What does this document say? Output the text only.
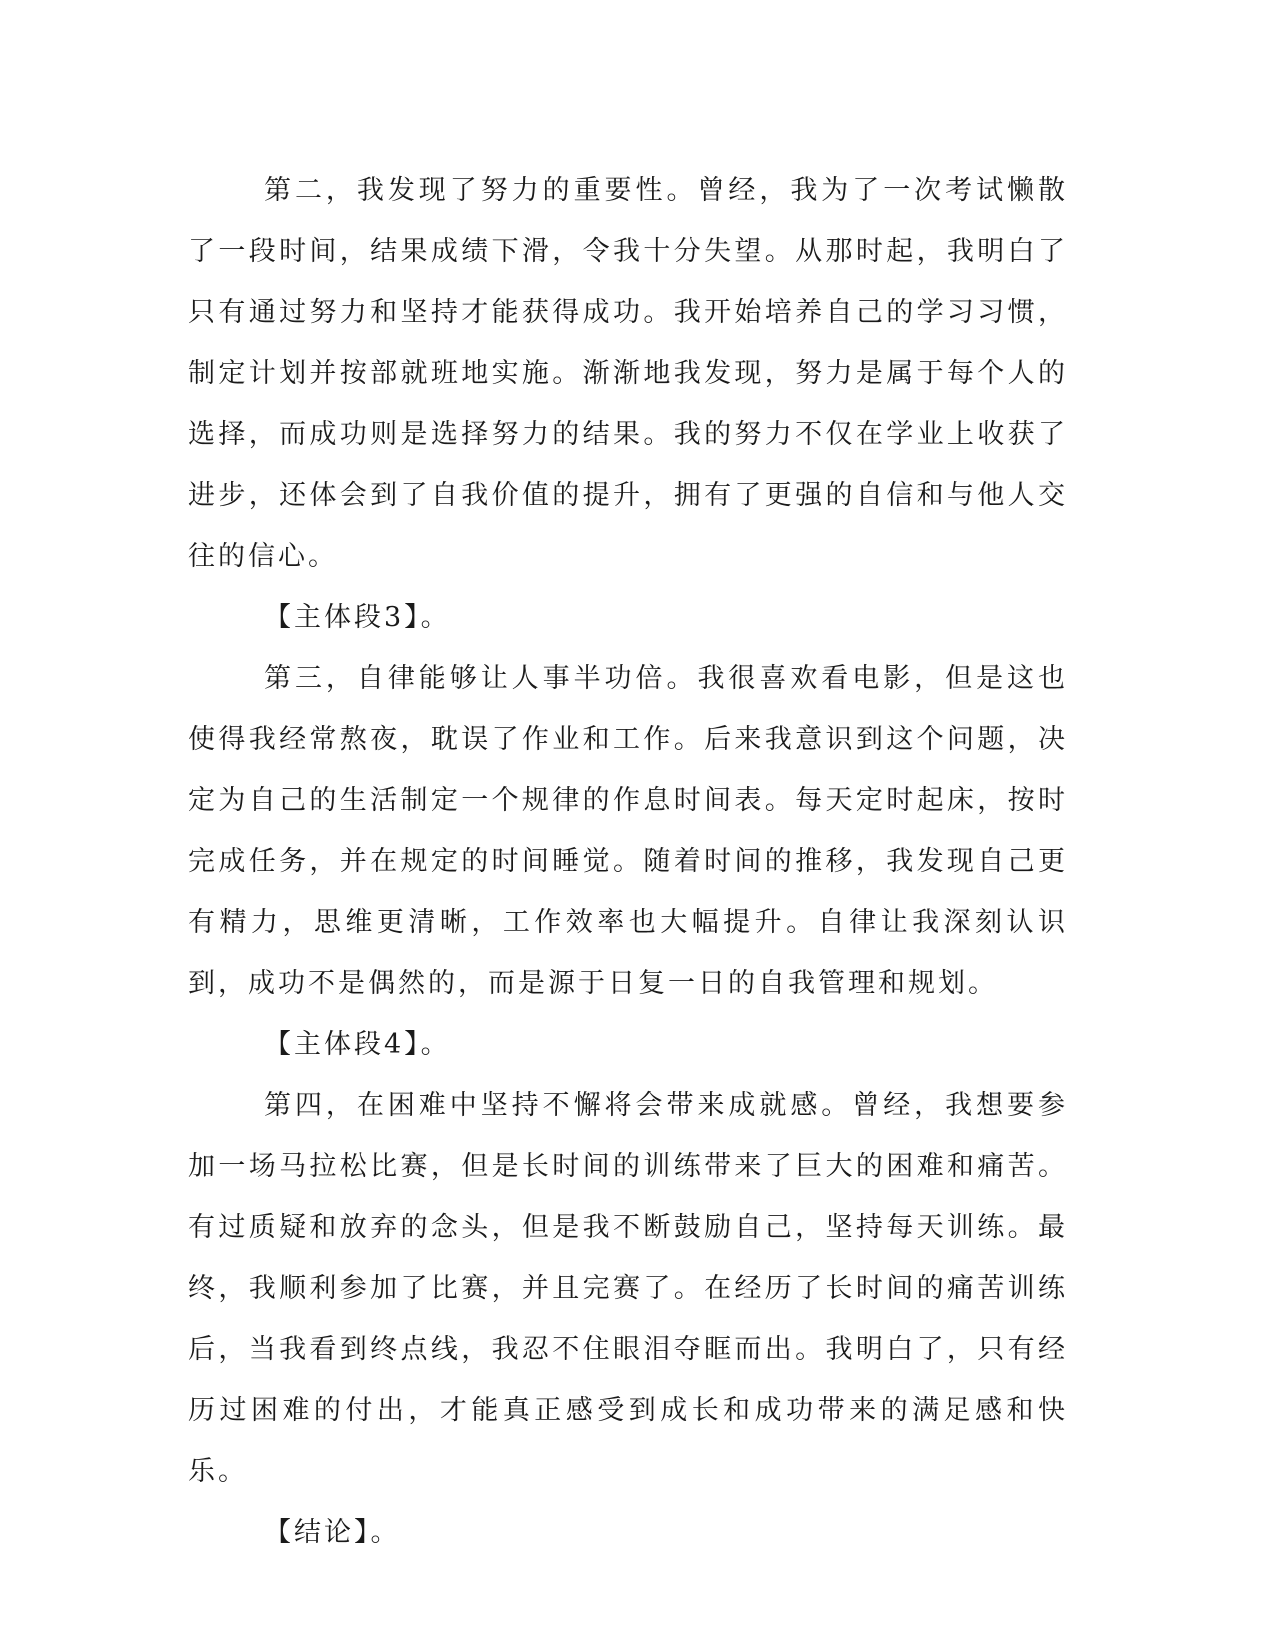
第二，我发现了努力的重要性。曾经，我为了一次考试懒散了一段时间，结果成绩下滑，令我十分失望。从那时起，我明白了只有通过努力和坚持才能获得成功。我开始培养自己的学习习惯，制定计划并按部就班地实施。渐渐地我发现，努力是属于每个人的选择，而成功则是选择努力的结果。我的努力不仅在学业上收获了进步，还体会到了自我价值的提升，拥有了更强的自信和与他人交往的信心。

【主体段3】。

第三，自律能够让人事半功倍。我很喜欢看电影，但是这也使得我经常熬夜，耽误了作业和工作。后来我意识到这个问题，决定为自己的生活制定一个规律的作息时间表。每天定时起床，按时完成任务，并在规定的时间睡觉。随着时间的推移，我发现自己更有精力，思维更清晰，工作效率也大幅提升。自律让我深刻认识到，成功不是偶然的，而是源于日复一日的自我管理和规划。

【主体段4】。

第四，在困难中坚持不懈将会带来成就感。曾经，我想要参加一场马拉松比赛，但是长时间的训练带来了巨大的困难和痛苦。有过质疑和放弃的念头，但是我不断鼓励自己，坚持每天训练。最终，我顺利参加了比赛，并且完赛了。在经历了长时间的痛苦训练后，当我看到终点线，我忍不住眼泪夺眶而出。我明白了，只有经历过困难的付出，才能真正感受到成长和成功带来的满足感和快乐。

【结论】。
